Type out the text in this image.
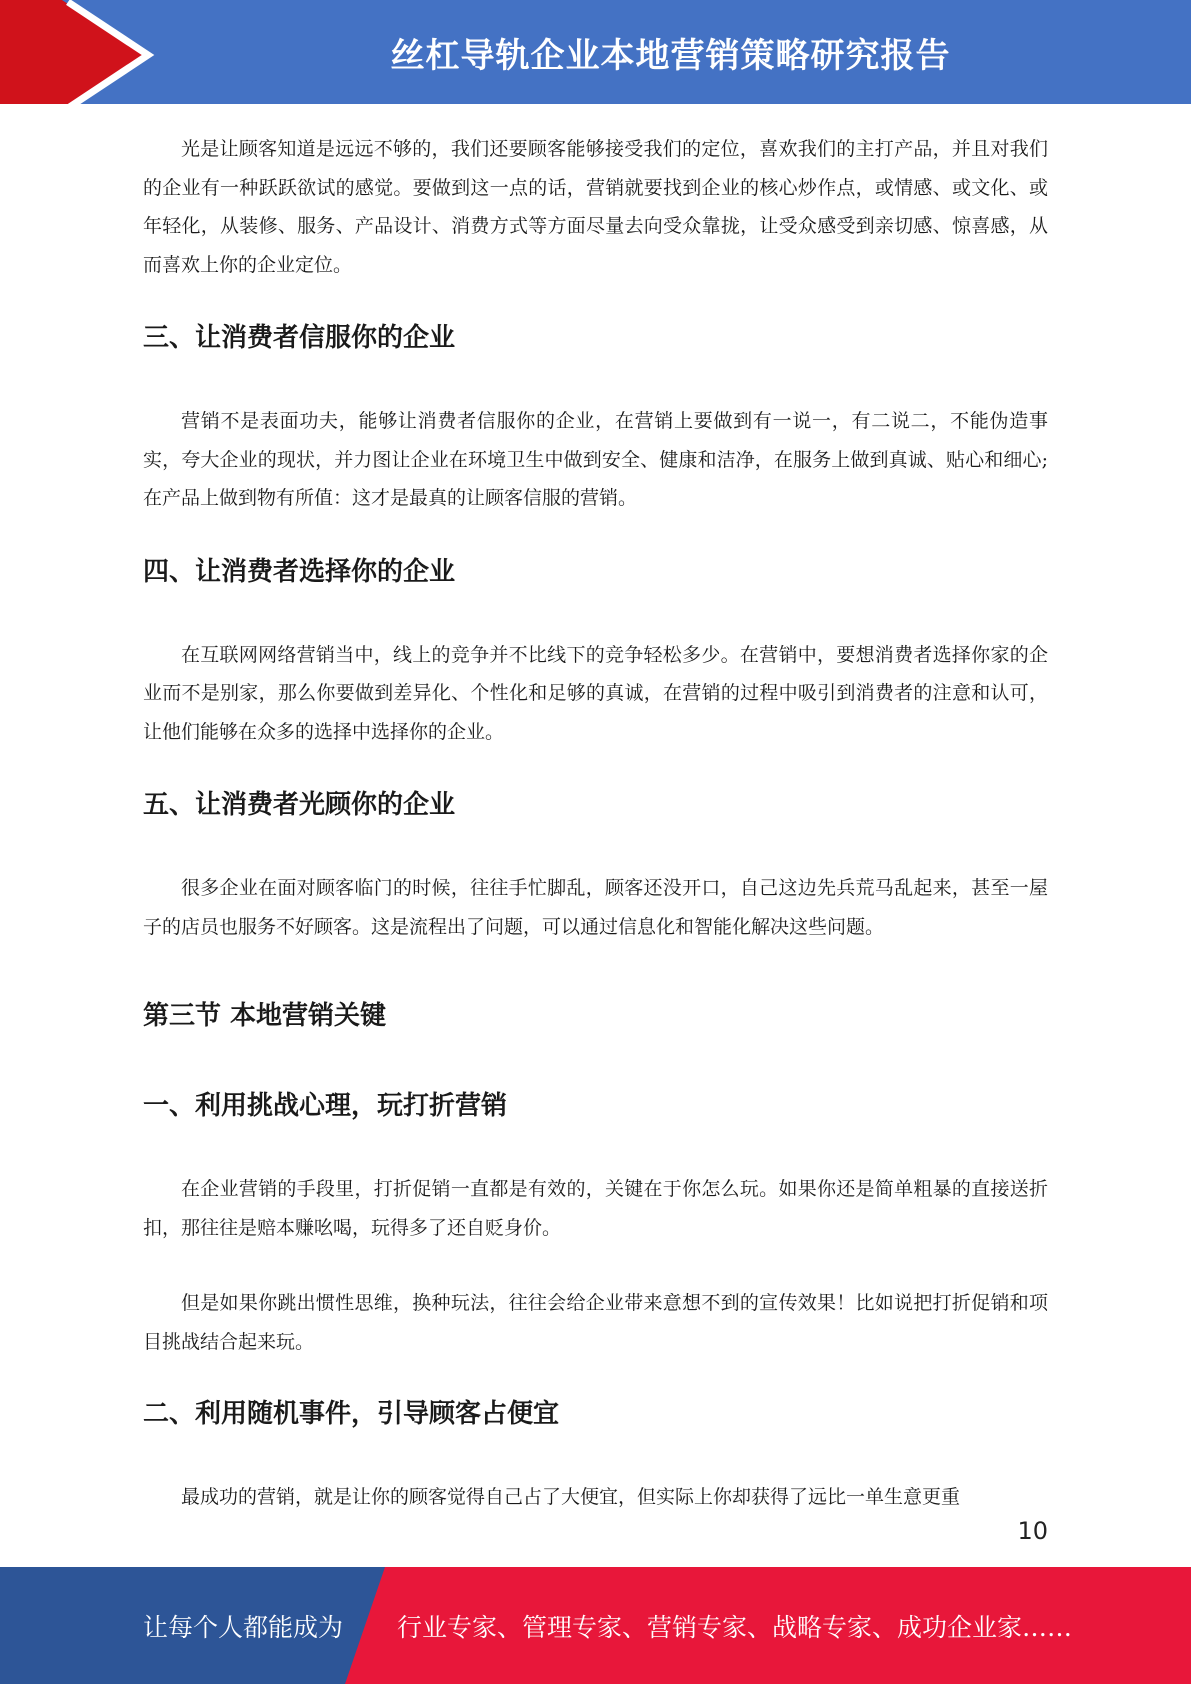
丝杠导轨企业本地营销策略研究报告

光是让顾客知道是远远不够的，我们还要顾客能够接受我们的定位，喜欢我们的主打产品，并且对我们的企业有一种跃跃欲试的感觉。要做到这一点的话，营销就要找到企业的核心炒作点，或情感、或文化、或年轻化，从装修、服务、产品设计、消费方式等方面尽量去向受众靠拢，让受众感受到亲切感、惊喜感，从而喜欢上你的企业定位。

三、让消费者信服你的企业

营销不是表面功夫，能够让消费者信服你的企业，在营销上要做到有一说一，有二说二，不能伪造事实，夸大企业的现状，并力图让企业在环境卫生中做到安全、健康和洁净，在服务上做到真诚、贴心和细心;在产品上做到物有所值：这才是最真的让顾客信服的营销。

四、让消费者选择你的企业

在互联网网络营销当中，线上的竞争并不比线下的竞争轻松多少。在营销中，要想消费者选择你家的企业而不是别家，那么你要做到差异化、个性化和足够的真诚，在营销的过程中吸引到消费者的注意和认可，让他们能够在众多的选择中选择你的企业。

五、让消费者光顾你的企业

很多企业在面对顾客临门的时候，往往手忙脚乱，顾客还没开口，自己这边先兵荒马乱起来，甚至一屋子的店员也服务不好顾客。这是流程出了问题，可以通过信息化和智能化解决这些问题。

第三节 本地营销关键
一、利用挑战心理，玩打折营销

在企业营销的手段里，打折促销一直都是有效的，关键在于你怎么玩。如果你还是简单粗暴的直接送折扣，那往往是赔本赚吆喝，玩得多了还自贬身价。

但是如果你跳出惯性思维，换种玩法，往往会给企业带来意想不到的宣传效果！比如说把打折促销和项目挑战结合起来玩。

二、利用随机事件，引导顾客占便宜

最成功的营销，就是让你的顾客觉得自己占了大便宜，但实际上你却获得了远比一单生意更重

10
让每个人都能成为 行业专家、管理专家、营销专家、战略专家、成功企业家……
